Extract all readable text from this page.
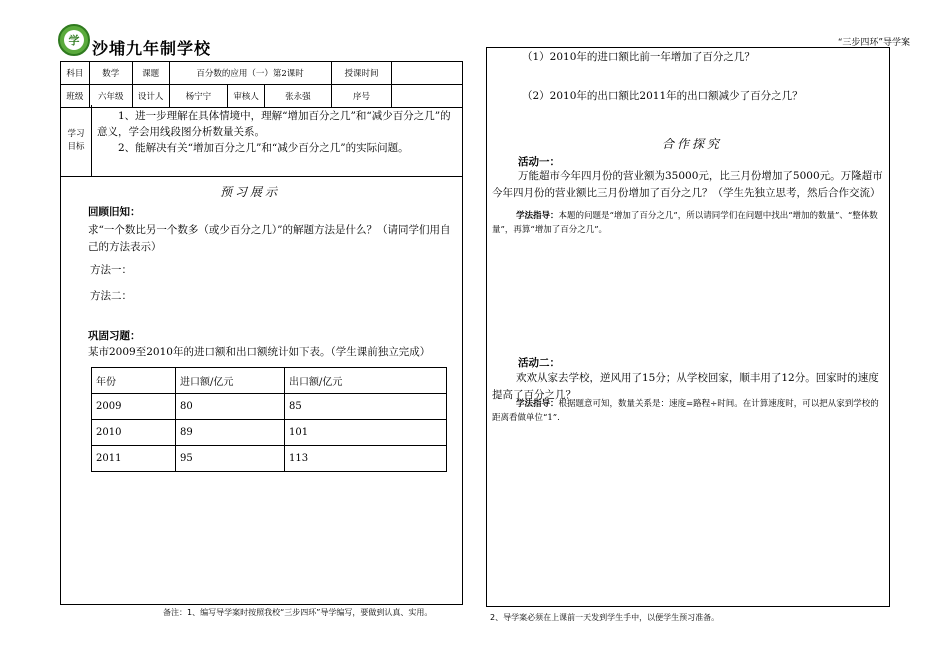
学 沙埔九年制学校	“三步四环”导学案
科目	数学	课题	百分数的应用（一）第2课时			授课时间	
班级	六年级	设计人	杨宁宁	审核人	张永强	序号	
学习
目标
1、进一步理解在具体情境中，理解“增加百分之几”和“减少百分之几”的意义，学会用线段图分析数量关系。
2、能解决有关“增加百分之几”和“减少百分之几”的实际问题。
预习展示
回顾旧知：
求“一个数比另一个数多（或少百分之几）”的解题方法是什么？（请同学们用自己的方法表示）
方法一：
方法二：
巩固习题：
某市2009至2010年的进口额和出口额统计如下表。（学生课前独立完成）
年份	进口额/亿元	出口额/亿元
2009	80	85
2010	89	101
2011	95	113
备注：1、编写导学案时按照我校“三步四环”导学编写，要做到认真、实用。
（1）2010年的进口额比前一年增加了百分之几？
（2）2010年的出口额比2011年的出口额减少了百分之几？
合作探究
活动一：
万能超市今年四月份的营业额为35000元，比三月份增加了5000元。万隆超市今年四月份的营业额比三月份增加了百分之几？（学生先独立思考，然后合作交流）
学法指导：本题的问题是“增加了百分之几”，所以请同学们在问题中找出“增加的数量”、“整体数量”，再算“增加了百分之几”。
活动二：
欢欢从家去学校，逆风用了15分；从学校回家，顺丰用了12分。回家时的速度提高了百分之几？
学法指导：根据题意可知，数量关系是：速度=路程÷时间。在计算速度时，可以把从家到学校的距离看做单位“1”.
2、导学案必须在上课前一天发到学生手中，以便学生预习准备。
